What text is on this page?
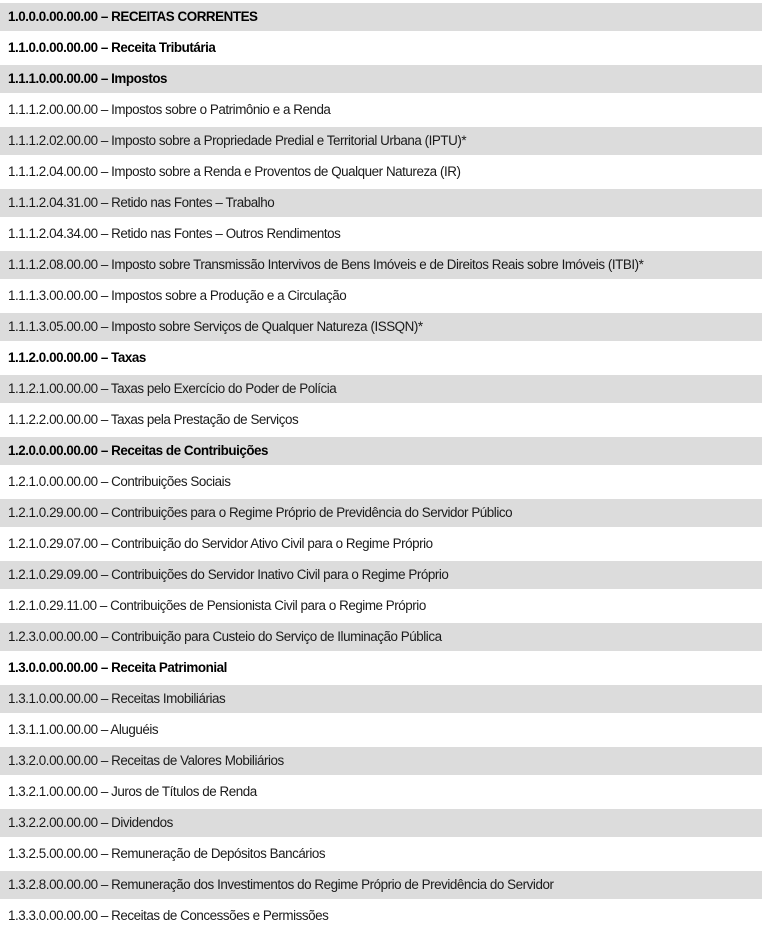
1.0.0.0.00.00.00 – RECEITAS CORRENTES
1.1.0.0.00.00.00 – Receita Tributária
1.1.1.0.00.00.00 – Impostos
1.1.1.2.00.00.00 – Impostos sobre o Patrimônio e a Renda
1.1.1.2.02.00.00 – Imposto sobre a Propriedade Predial e Territorial Urbana (IPTU)*
1.1.1.2.04.00.00 – Imposto sobre a Renda e Proventos de Qualquer Natureza (IR)
1.1.1.2.04.31.00 – Retido nas Fontes – Trabalho
1.1.1.2.04.34.00 – Retido nas Fontes – Outros Rendimentos
1.1.1.2.08.00.00 – Imposto sobre Transmissão Intervivos de Bens Imóveis e de Direitos Reais sobre Imóveis (ITBI)*
1.1.1.3.00.00.00 – Impostos sobre a Produção e a Circulação
1.1.1.3.05.00.00 – Imposto sobre Serviços de Qualquer Natureza (ISSQN)*
1.1.2.0.00.00.00 – Taxas
1.1.2.1.00.00.00 – Taxas pelo Exercício do Poder de Polícia
1.1.2.2.00.00.00 – Taxas pela Prestação de Serviços
1.2.0.0.00.00.00 – Receitas de Contribuições
1.2.1.0.00.00.00 – Contribuições Sociais
1.2.1.0.29.00.00 – Contribuições para o Regime Próprio de Previdência do Servidor Público
1.2.1.0.29.07.00 – Contribuição do Servidor Ativo Civil para o Regime Próprio
1.2.1.0.29.09.00 – Contribuições do Servidor Inativo Civil para o Regime Próprio
1.2.1.0.29.11.00 – Contribuições de Pensionista Civil para o Regime Próprio
1.2.3.0.00.00.00 – Contribuição para Custeio do Serviço de Iluminação Pública
1.3.0.0.00.00.00 – Receita Patrimonial
1.3.1.0.00.00.00 – Receitas Imobiliárias
1.3.1.1.00.00.00 – Aluguéis
1.3.2.0.00.00.00 – Receitas de Valores Mobiliários
1.3.2.1.00.00.00 – Juros de Títulos de Renda
1.3.2.2.00.00.00 – Dividendos
1.3.2.5.00.00.00 – Remuneração de Depósitos Bancários
1.3.2.8.00.00.00 – Remuneração dos Investimentos do Regime Próprio de Previdência do Servidor
1.3.3.0.00.00.00 – Receitas de Concessões e Permissões
